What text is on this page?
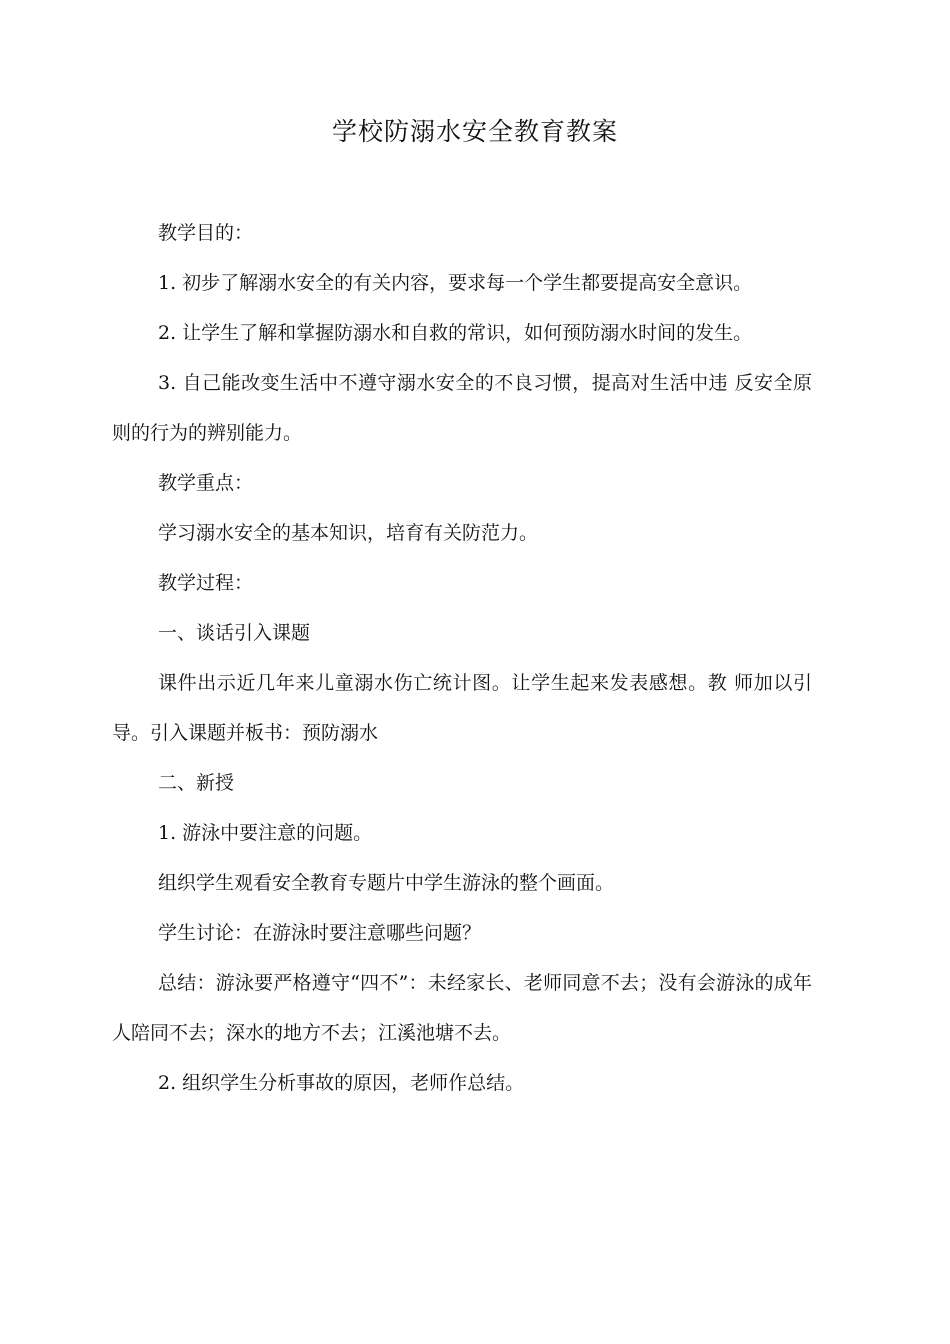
学校防溺水安全教育教案

教学目的：

1. 初步了解溺水安全的有关内容，要求每一个学生都要提高安全意识。

2. 让学生了解和掌握防溺水和自救的常识，如何预防溺水时间的发生。

3. 自己能改变生活中不遵守溺水安全的不良习惯，提高对生活中违 反安全原则的行为的辨别能力。

教学重点：

学习溺水安全的基本知识，培育有关防范力。

教学过程：

一、谈话引入课题

课件出示近几年来儿童溺水伤亡统计图。让学生起来发表感想。教 师加以引导。引入课题并板书：预防溺水

二、新授

1. 游泳中要注意的问题。

组织学生观看安全教育专题片中学生游泳的整个画面。

学生讨论：在游泳时要注意哪些问题？

总结：游泳要严格遵守“四不”：未经家长、老师同意不去；没有会游泳的成年人陪同不去；深水的地方不去；江溪池塘不去。

2. 组织学生分析事故的原因，老师作总结。
